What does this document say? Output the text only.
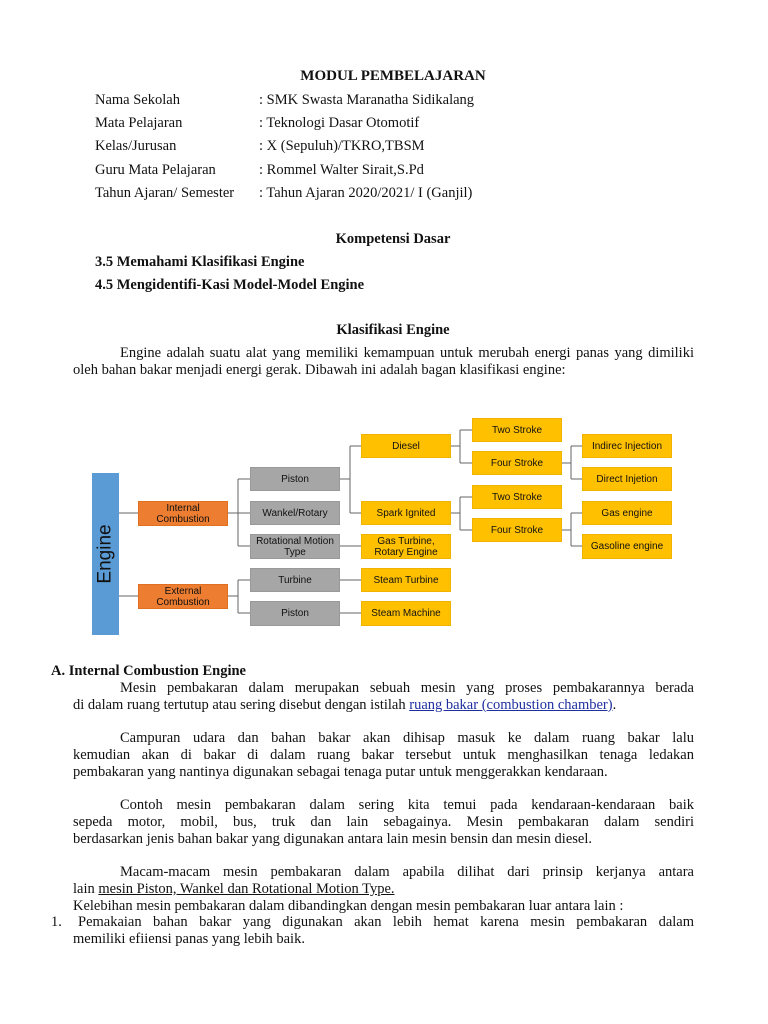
MODUL PEMBELAJARAN
Nama Sekolah	: SMK Swasta Maranatha Sidikalang
Mata Pelajaran	: Teknologi Dasar Otomotif
Kelas/Jurusan	: X (Sepuluh)/TKRO,TBSM
Guru Mata Pelajaran	: Rommel Walter Sirait,S.Pd
Tahun Ajaran/ Semester : Tahun Ajaran 2020/2021/ I (Ganjil)
Kompetensi Dasar
3.5 Memahami Klasifikasi Engine
4.5 Mengidentifi-Kasi Model-Model Engine
Klasifikasi Engine
Engine adalah suatu alat yang memiliki kemampuan untuk merubah energi panas yang dimiliki
oleh bahan bakar menjadi energi gerak. Dibawah ini adalah bagan klasifikasi engine:
Engine
Internal Combustion
External Combustion
Piston
Wankel/Rotary
Rotational Motion Type
Turbine
Piston
Diesel
Spark Ignited
Gas Turbine, Rotary Engine
Steam Turbine
Steam Machine
Two Stroke
Four Stroke
Two Stroke
Four Stroke
Indirec Injection
Direct Injetion
Gas engine
Gasoline engine
A. Internal Combustion Engine
Mesin pembakaran dalam merupakan sebuah mesin yang proses pembakarannya berada
di dalam ruang tertutup atau sering disebut dengan istilah ruang bakar (combustion chamber).
Campuran udara dan bahan bakar akan dihisap masuk ke dalam ruang bakar lalu
kemudian akan di bakar di dalam ruang bakar tersebut untuk menghasilkan tenaga ledakan
pembakaran yang nantinya digunakan sebagai tenaga putar untuk menggerakkan kendaraan.
Contoh mesin pembakaran dalam sering kita temui pada kendaraan-kendaraan baik
sepeda motor, mobil, bus, truk dan lain sebagainya. Mesin pembakaran dalam sendiri
berdasarkan jenis bahan bakar yang digunakan antara lain mesin bensin dan mesin diesel.
Macam-macam mesin pembakaran dalam apabila dilihat dari prinsip kerjanya antara
lain mesin Piston, Wankel dan Rotational Motion Type.
Kelebihan mesin pembakaran dalam dibandingkan dengan mesin pembakaran luar antara lain :
1.	Pemakaian bahan bakar yang digunakan akan lebih hemat karena mesin pembakaran dalam
memiliki efiiensi panas yang lebih baik.
